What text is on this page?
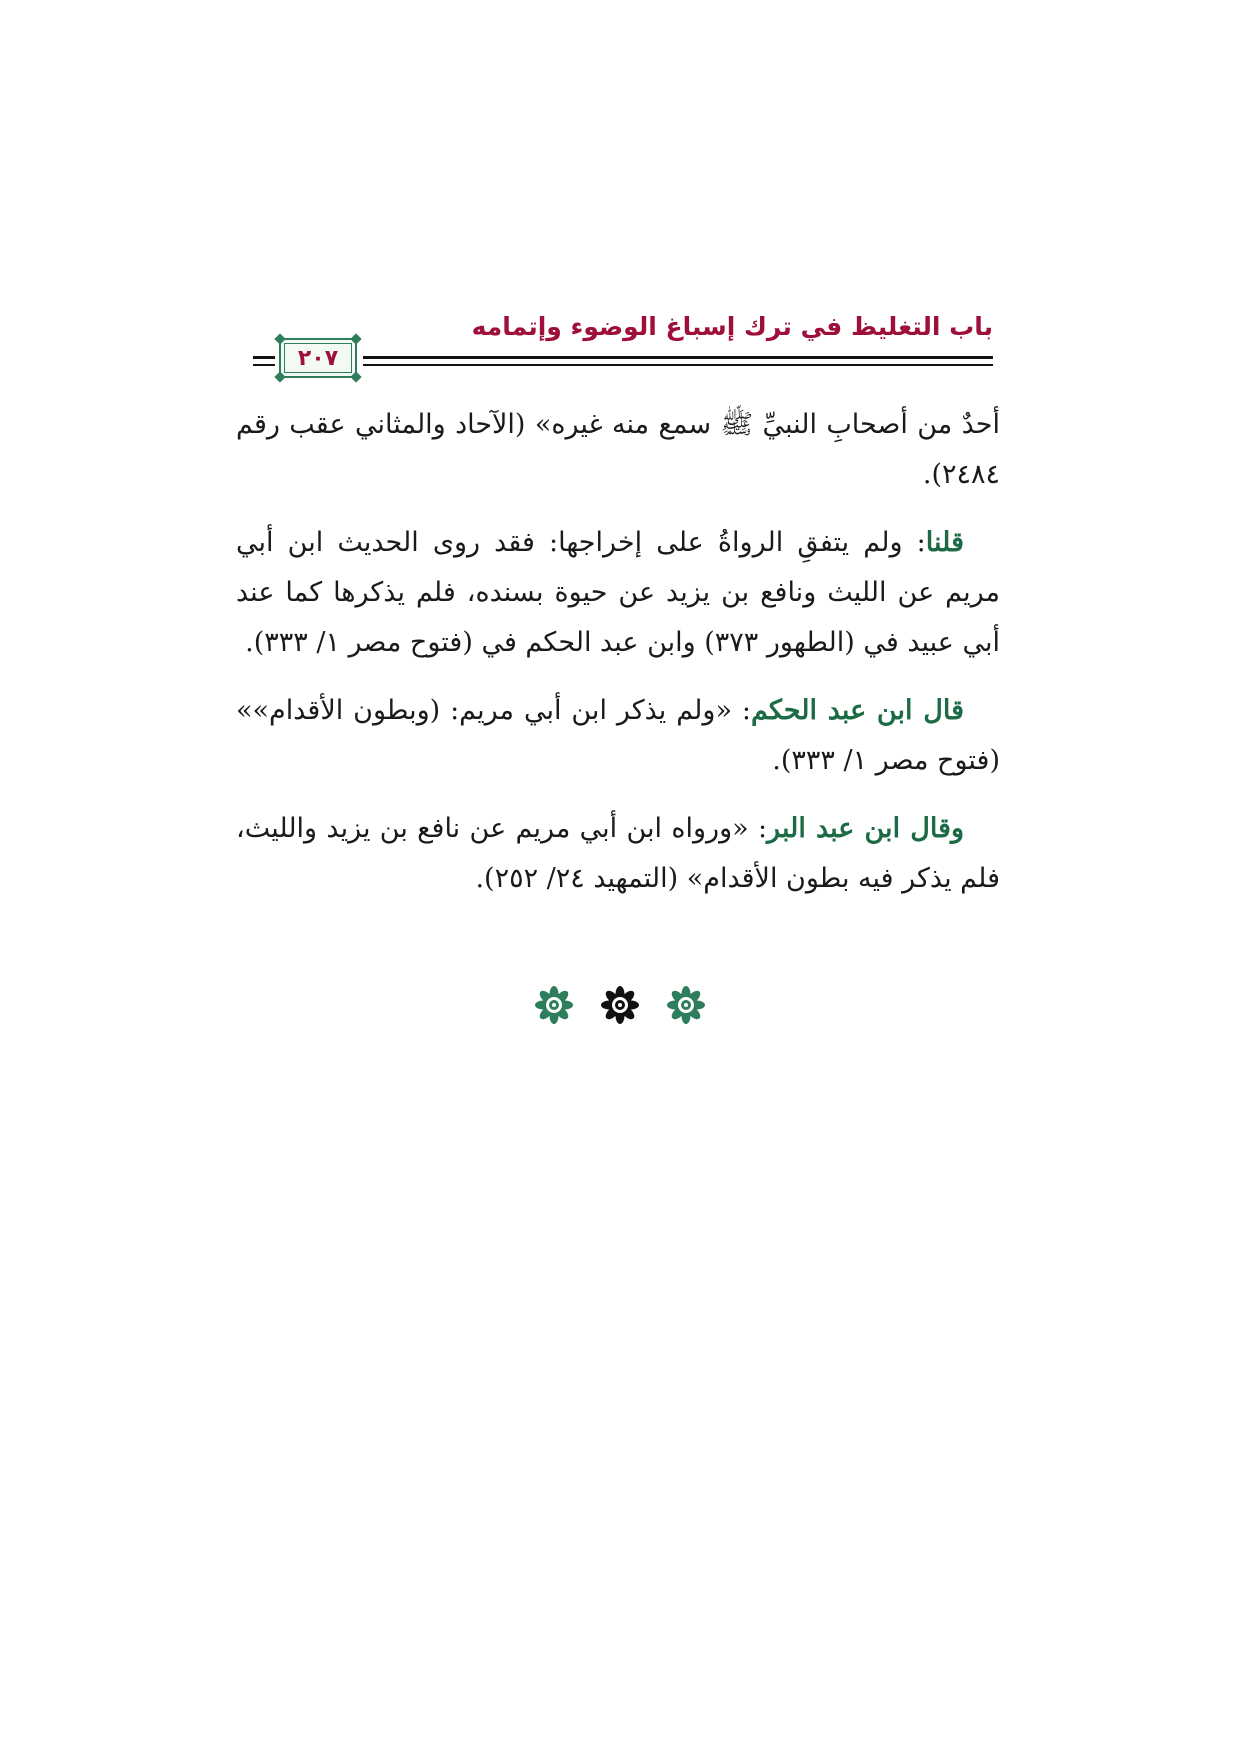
باب التغليظ في ترك إسباغ الوضوء وإتمامه
٢٠٧

أحدٌ من أصحابِ النبيِّ ﷺ سمع منه غيره» (الآحاد والمثاني عقب رقم ٢٤٨٤).

قلنا: ولم يتفقِ الرواةُ على إخراجها: فقد روى الحديث ابن أبي مريم عن الليث ونافع بن يزيد عن حيوة بسنده، فلم يذكرها كما عند أبي عبيد في (الطهور ٣٧٣) وابن عبد الحكم في (فتوح مصر ١/ ٣٣٣).

قال ابن عبد الحكم: «ولم يذكر ابن أبي مريم: (وبطون الأقدام»» (فتوح مصر ١/ ٣٣٣).

وقال ابن عبد البر: «ورواه ابن أبي مريم عن نافع بن يزيد والليث، فلم يذكر فيه بطون الأقدام» (التمهيد ٢٤/ ٢٥٢).
